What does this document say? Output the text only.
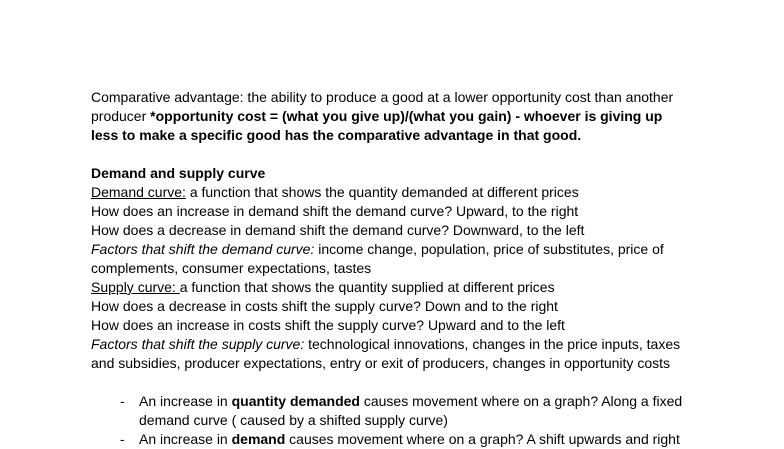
Comparative advantage: the ability to produce a good at a lower opportunity cost than another producer *opportunity cost = (what you give up)/(what you gain) - whoever is giving up less to make a specific good has the comparative advantage in that good.

Demand and supply curve

Demand curve: a function that shows the quantity demanded at different prices

How does an increase in demand shift the demand curve? Upward, to the right

How does a decrease in demand shift the demand curve? Downward, to the left

Factors that shift the demand curve: income change, population, price of substitutes, price of complements, consumer expectations, tastes

Supply curve: a function that shows the quantity supplied at different prices

How does a decrease in costs shift the supply curve? Down and to the right

How does an increase in costs shift the supply curve? Upward and to the left

Factors that shift the supply curve: technological innovations, changes in the price inputs, taxes and subsidies, producer expectations, entry or exit of producers, changes in opportunity costs

- An increase in quantity demanded causes movement where on a graph? Along a fixed demand curve ( caused by a shifted supply curve)
- An increase in demand causes movement where on a graph? A shift upwards and right
